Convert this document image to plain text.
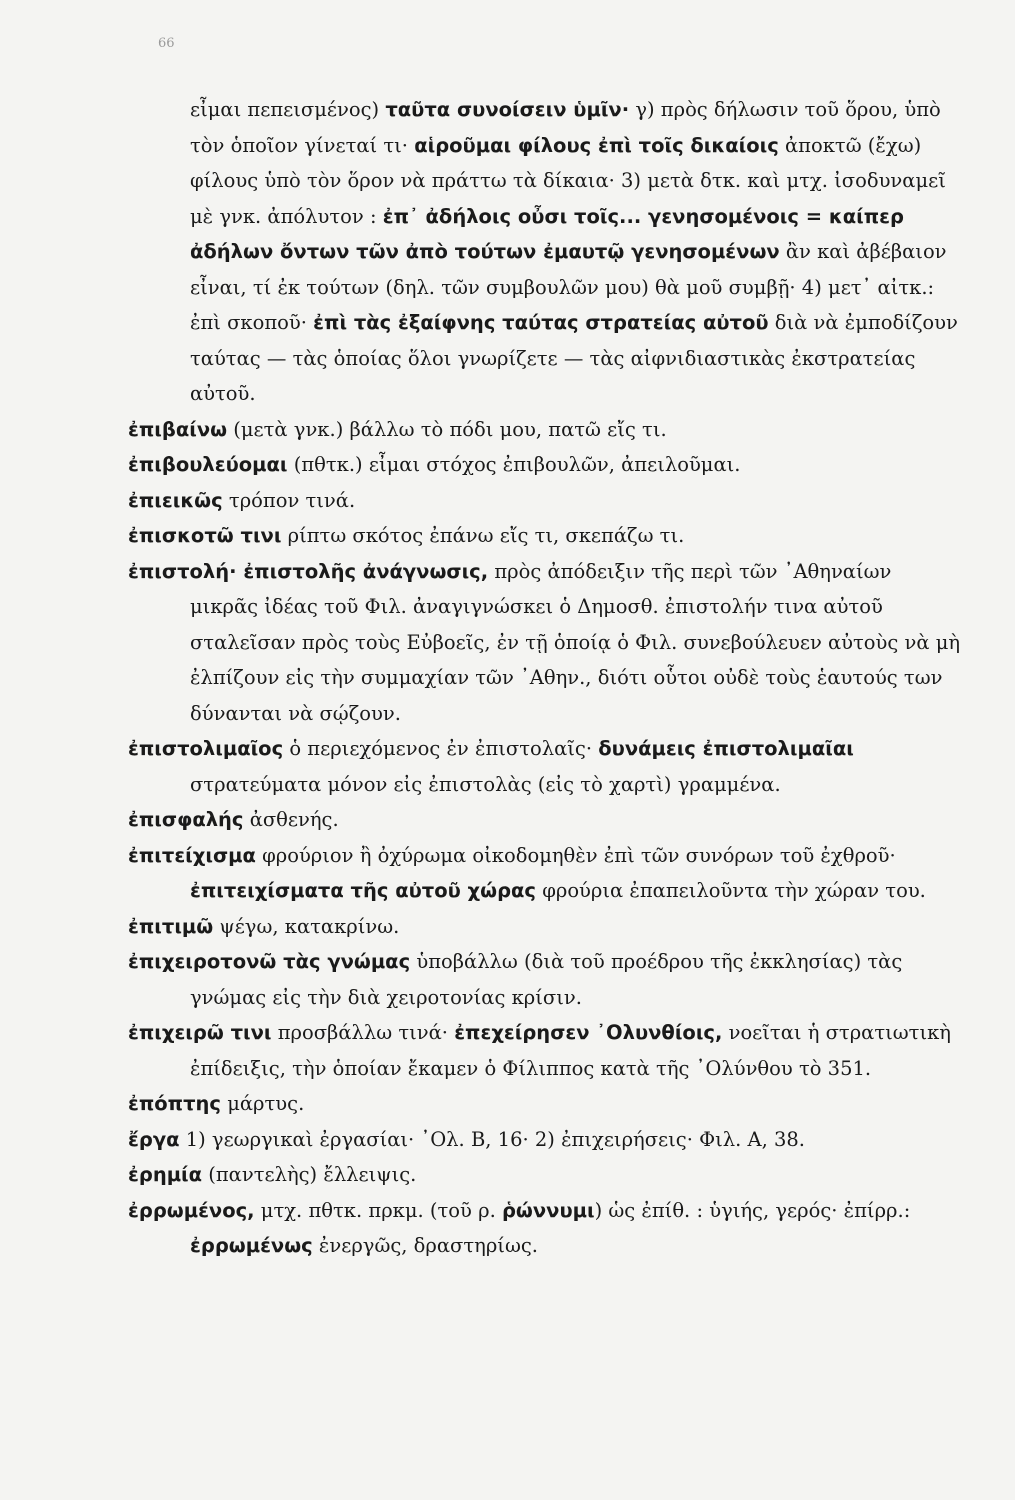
66

εἶμαι πεπεισμένος) ταῦτα συνοίσειν ὑμῖν· γ) πρὸς δήλωσιν τοῦ ὅρου, ὑπὸ τὸν ὁποῖον γίνεταί τι· αἱροῦμαι φίλους ἐπὶ τοῖς δικαίοις ἀποκτῶ (ἔχω) φίλους ὑπὸ τὸν ὅρον νὰ πράττω τὰ δίκαια· 3) μετὰ δτκ. καὶ μτχ. ἰσοδυναμεῖ μὲ γνκ. ἀπόλυτον : ἐπ᾽ ἀδήλοις οὖσι τοῖς... γενησομένοις = καίπερ ἀδήλων ὄντων τῶν ἀπὸ τούτων ἐμαυτῷ γενησομένων ἂν καὶ ἀβέβαιον εἶναι, τί ἐκ τούτων (δηλ. τῶν συμβουλῶν μου) θὰ μοῦ συμβῇ· 4) μετ᾽ αἰτκ.: ἐπὶ σκοποῦ· ἐπὶ τὰς ἐξαίφνης ταύτας στρατείας αὐτοῦ διὰ νὰ ἐμποδίζουν ταύτας — τὰς ὁποίας ὅλοι γνωρίζετε — τὰς αἰφνιδιαστικὰς ἐκστρατείας αὐτοῦ.

ἐπιβαίνω (μετὰ γνκ.) βάλλω τὸ πόδι μου, πατῶ εἴς τι.

ἐπιβουλεύομαι (πθτκ.) εἶμαι στόχος ἐπιβουλῶν, ἀπειλοῦμαι.

ἐπιεικῶς τρόπον τινά.

ἐπισκοτῶ τινι ρίπτω σκότος ἐπάνω εἴς τι, σκεπάζω τι.

ἐπιστολή· ἐπιστολῆς ἀνάγνωσις, πρὸς ἀπόδειξιν τῆς περὶ τῶν ᾽Αθηναίων μικρᾶς ἰδέας τοῦ Φιλ. ἀναγιγνώσκει ὁ Δημοσθ. ἐπιστολήν τινα αὐτοῦ σταλεῖσαν πρὸς τοὺς Εὐβοεῖς, ἐν τῇ ὁποίᾳ ὁ Φιλ. συνεβούλευεν αὐτοὺς νὰ μὴ ἐλπίζουν εἰς τὴν συμμαχίαν τῶν ᾽Αθην., διότι οὗτοι οὐδὲ τοὺς ἑαυτούς των δύνανται νὰ σῴζουν.

ἐπιστολιμαῖος ὁ περιεχόμενος ἐν ἐπιστολαῖς· δυνάμεις ἐπιστολιμαῖαι στρατεύματα μόνον εἰς ἐπιστολὰς (εἰς τὸ χαρτὶ) γραμμένα.

ἐπισφαλής ἀσθενής.

ἐπιτείχισμα φρούριον ἢ ὀχύρωμα οἰκοδομηθὲν ἐπὶ τῶν συνόρων τοῦ ἐχθροῦ· ἐπιτειχίσματα τῆς αὐτοῦ χώρας φρούρια ἐπαπειλοῦντα τὴν χώραν του.

ἐπιτιμῶ ψέγω, κατακρίνω.

ἐπιχειροτονῶ τὰς γνώμας ὑποβάλλω (διὰ τοῦ προέδρου τῆς ἐκκλησίας) τὰς γνώμας εἰς τὴν διὰ χειροτονίας κρίσιν.

ἐπιχειρῶ τινι προσβάλλω τινά· ἐπεχείρησεν ᾽Ολυνθίοις, νοεῖται ἡ στρατιωτικὴ ἐπίδειξις, τὴν ὁποίαν ἔκαμεν ὁ Φίλιππος κατὰ τῆς ᾽Ολύνθου τὸ 351.

ἐπόπτης μάρτυς.

ἔργα 1) γεωργικαὶ ἐργασίαι· ᾽Ολ. Β, 16· 2) ἐπιχειρήσεις· Φιλ. Α, 38.

ἐρημία (παντελὴς) ἔλλειψις.

ἐρρωμένος, μτχ. πθτκ. πρκμ. (τοῦ ρ. ῥώννυμι) ὡς ἐπίθ. : ὑγιής, γερός· ἐπίρρ.: ἐρρωμένως ἐνεργῶς, δραστηρίως.
